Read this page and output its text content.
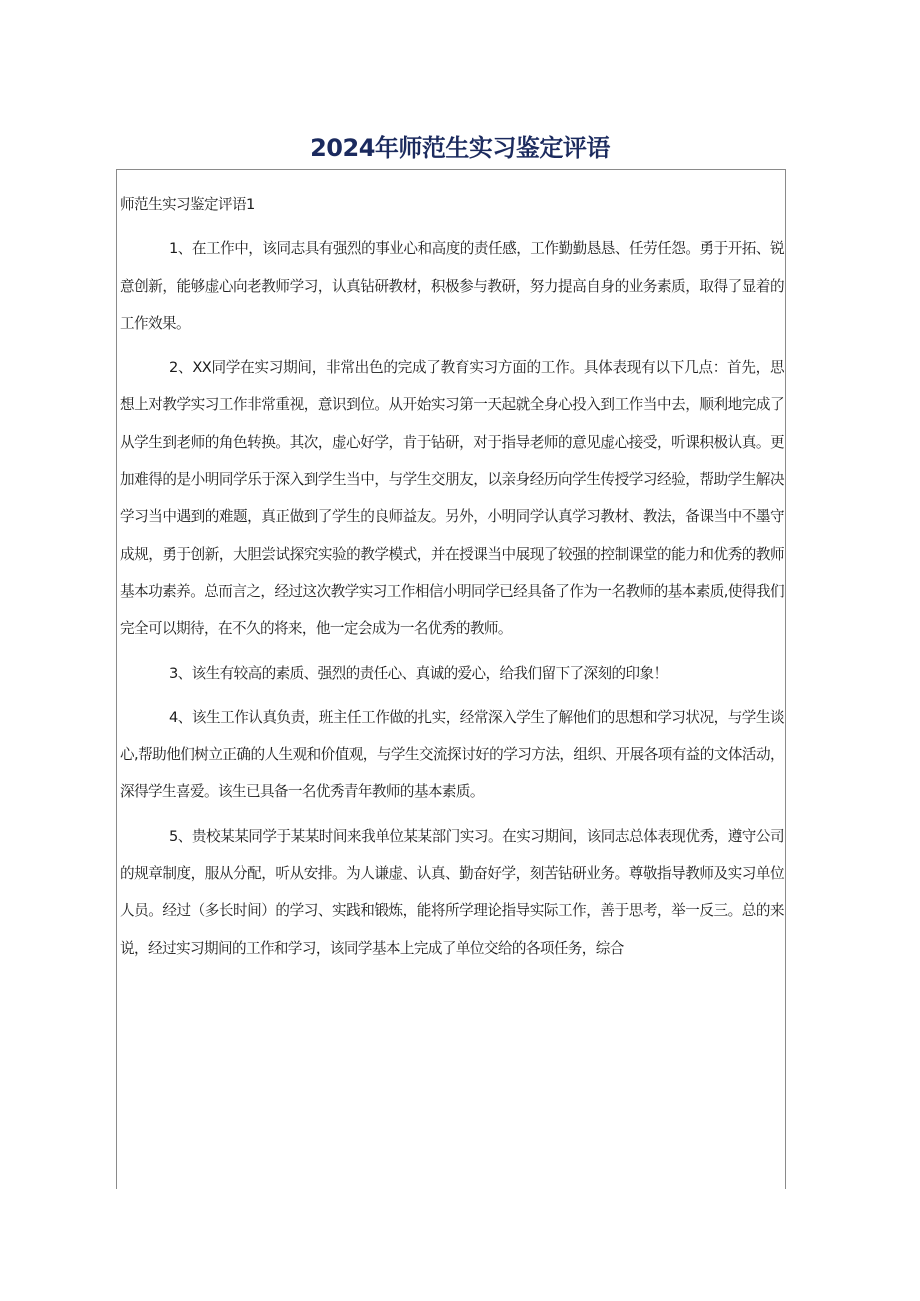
2024年师范生实习鉴定评语
师范生实习鉴定评语1

1、在工作中，该同志具有强烈的事业心和高度的责任感，工作勤勤恳恳、任劳任怨。勇于开拓、锐意创新，能够虚心向老教师学习，认真钻研教材，积极参与教研，努力提高自身的业务素质，取得了显着的工作效果。

2、XX同学在实习期间，非常出色的完成了教育实习方面的工作。具体表现有以下几点：首先，思想上对教学实习工作非常重视，意识到位。从开始实习第一天起就全身心投入到工作当中去，顺利地完成了从学生到老师的角色转换。其次，虚心好学，肯于钻研，对于指导老师的意见虚心接受，听课积极认真。更加难得的是小明同学乐于深入到学生当中，与学生交朋友，以亲身经历向学生传授学习经验，帮助学生解决学习当中遇到的难题，真正做到了学生的良师益友。另外，小明同学认真学习教材、教法，备课当中不墨守成规，勇于创新，大胆尝试探究实验的教学模式，并在授课当中展现了较强的控制课堂的能力和优秀的教师基本功素养。总而言之，经过这次教学实习工作相信小明同学已经具备了作为一名教师的基本素质,使得我们完全可以期待，在不久的将来，他一定会成为一名优秀的教师。

3、该生有较高的素质、强烈的责任心、真诚的爱心，给我们留下了深刻的印象！

4、该生工作认真负责，班主任工作做的扎实，经常深入学生了解他们的思想和学习状况，与学生谈心,帮助他们树立正确的人生观和价值观，与学生交流探讨好的学习方法，组织、开展各项有益的文体活动，深得学生喜爱。该生已具备一名优秀青年教师的基本素质。

5、贵校某某同学于某某时间来我单位某某部门实习。在实习期间，该同志总体表现优秀，遵守公司的规章制度，服从分配，听从安排。为人谦虚、认真、勤奋好学，刻苦钻研业务。尊敬指导教师及实习单位人员。经过（多长时间）的学习、实践和锻炼，能将所学理论指导实际工作，善于思考，举一反三。总的来说，经过实习期间的工作和学习，该同学基本上完成了单位交给的各项任务，综合
